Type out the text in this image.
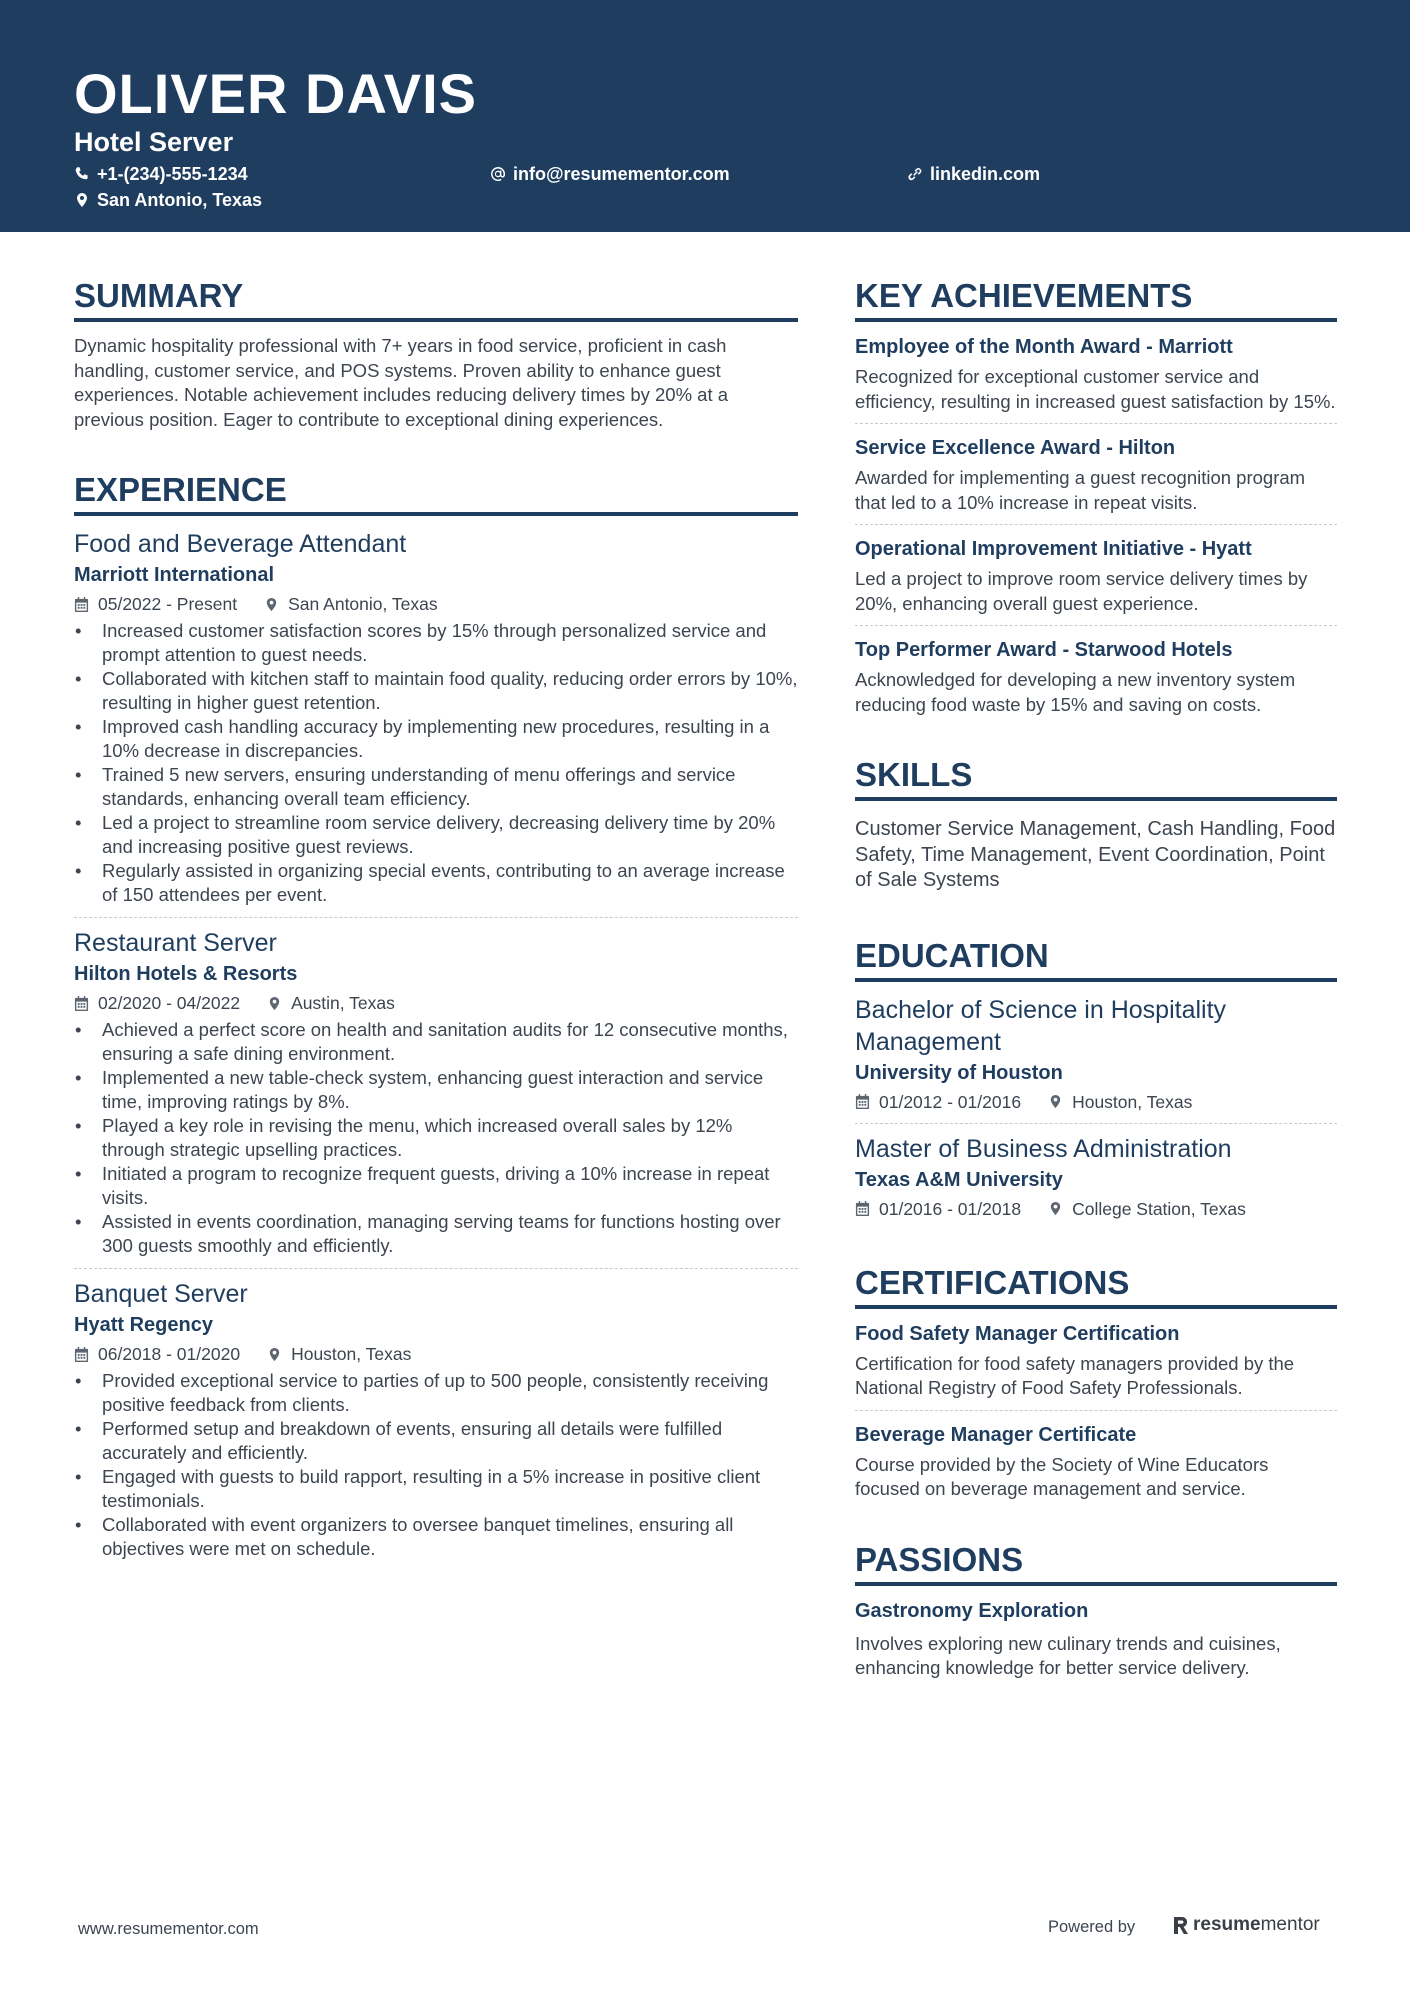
OLIVER DAVIS
Hotel Server
+1-(234)-555-1234	info@resumementor.com	linkedin.com
San Antonio, Texas
SUMMARY

Dynamic hospitality professional with 7+ years in food service, proficient in cash handling, customer service, and POS systems. Proven ability to enhance guest experiences. Notable achievement includes reducing delivery times by 20% at a previous position. Eager to contribute to exceptional dining experiences.

EXPERIENCE
Food and Beverage Attendant
Marriott International
05/2022 - Present	San Antonio, Texas
• Increased customer satisfaction scores by 15% through personalized service and prompt attention to guest needs.
• Collaborated with kitchen staff to maintain food quality, reducing order errors by 10%, resulting in higher guest retention.
• Improved cash handling accuracy by implementing new procedures, resulting in a 10% decrease in discrepancies.
• Trained 5 new servers, ensuring understanding of menu offerings and service standards, enhancing overall team efficiency.
• Led a project to streamline room service delivery, decreasing delivery time by 20% and increasing positive guest reviews.
• Regularly assisted in organizing special events, contributing to an average increase of 150 attendees per event.
Restaurant Server
Hilton Hotels & Resorts
02/2020 - 04/2022	Austin, Texas
• Achieved a perfect score on health and sanitation audits for 12 consecutive months, ensuring a safe dining environment.
• Implemented a new table-check system, enhancing guest interaction and service time, improving ratings by 8%.
• Played a key role in revising the menu, which increased overall sales by 12% through strategic upselling practices.
• Initiated a program to recognize frequent guests, driving a 10% increase in repeat visits.
• Assisted in events coordination, managing serving teams for functions hosting over 300 guests smoothly and efficiently.
Banquet Server
Hyatt Regency
06/2018 - 01/2020	Houston, Texas
• Provided exceptional service to parties of up to 500 people, consistently receiving positive feedback from clients.
• Performed setup and breakdown of events, ensuring all details were fulfilled accurately and efficiently.
• Engaged with guests to build rapport, resulting in a 5% increase in positive client testimonials.
• Collaborated with event organizers to oversee banquet timelines, ensuring all objectives were met on schedule.
KEY ACHIEVEMENTS
Employee of the Month Award - Marriott
Recognized for exceptional customer service and efficiency, resulting in increased guest satisfaction by 15%.
Service Excellence Award - Hilton
Awarded for implementing a guest recognition program that led to a 10% increase in repeat visits.
Operational Improvement Initiative - Hyatt
Led a project to improve room service delivery times by 20%, enhancing overall guest experience.
Top Performer Award - Starwood Hotels
Acknowledged for developing a new inventory system reducing food waste by 15% and saving on costs.
SKILLS

Customer Service Management, Cash Handling, Food Safety, Time Management, Event Coordination, Point of Sale Systems

EDUCATION
Bachelor of Science in Hospitality Management
University of Houston
01/2012 - 01/2016	Houston, Texas
Master of Business Administration
Texas A&M University
01/2016 - 01/2018	College Station, Texas
CERTIFICATIONS
Food Safety Manager Certification
Certification for food safety managers provided by the National Registry of Food Safety Professionals.
Beverage Manager Certificate
Course provided by the Society of Wine Educators focused on beverage management and service.
PASSIONS
Gastronomy Exploration
Involves exploring new culinary trends and cuisines, enhancing knowledge for better service delivery.
www.resumementor.com	Powered by	resume mentor
